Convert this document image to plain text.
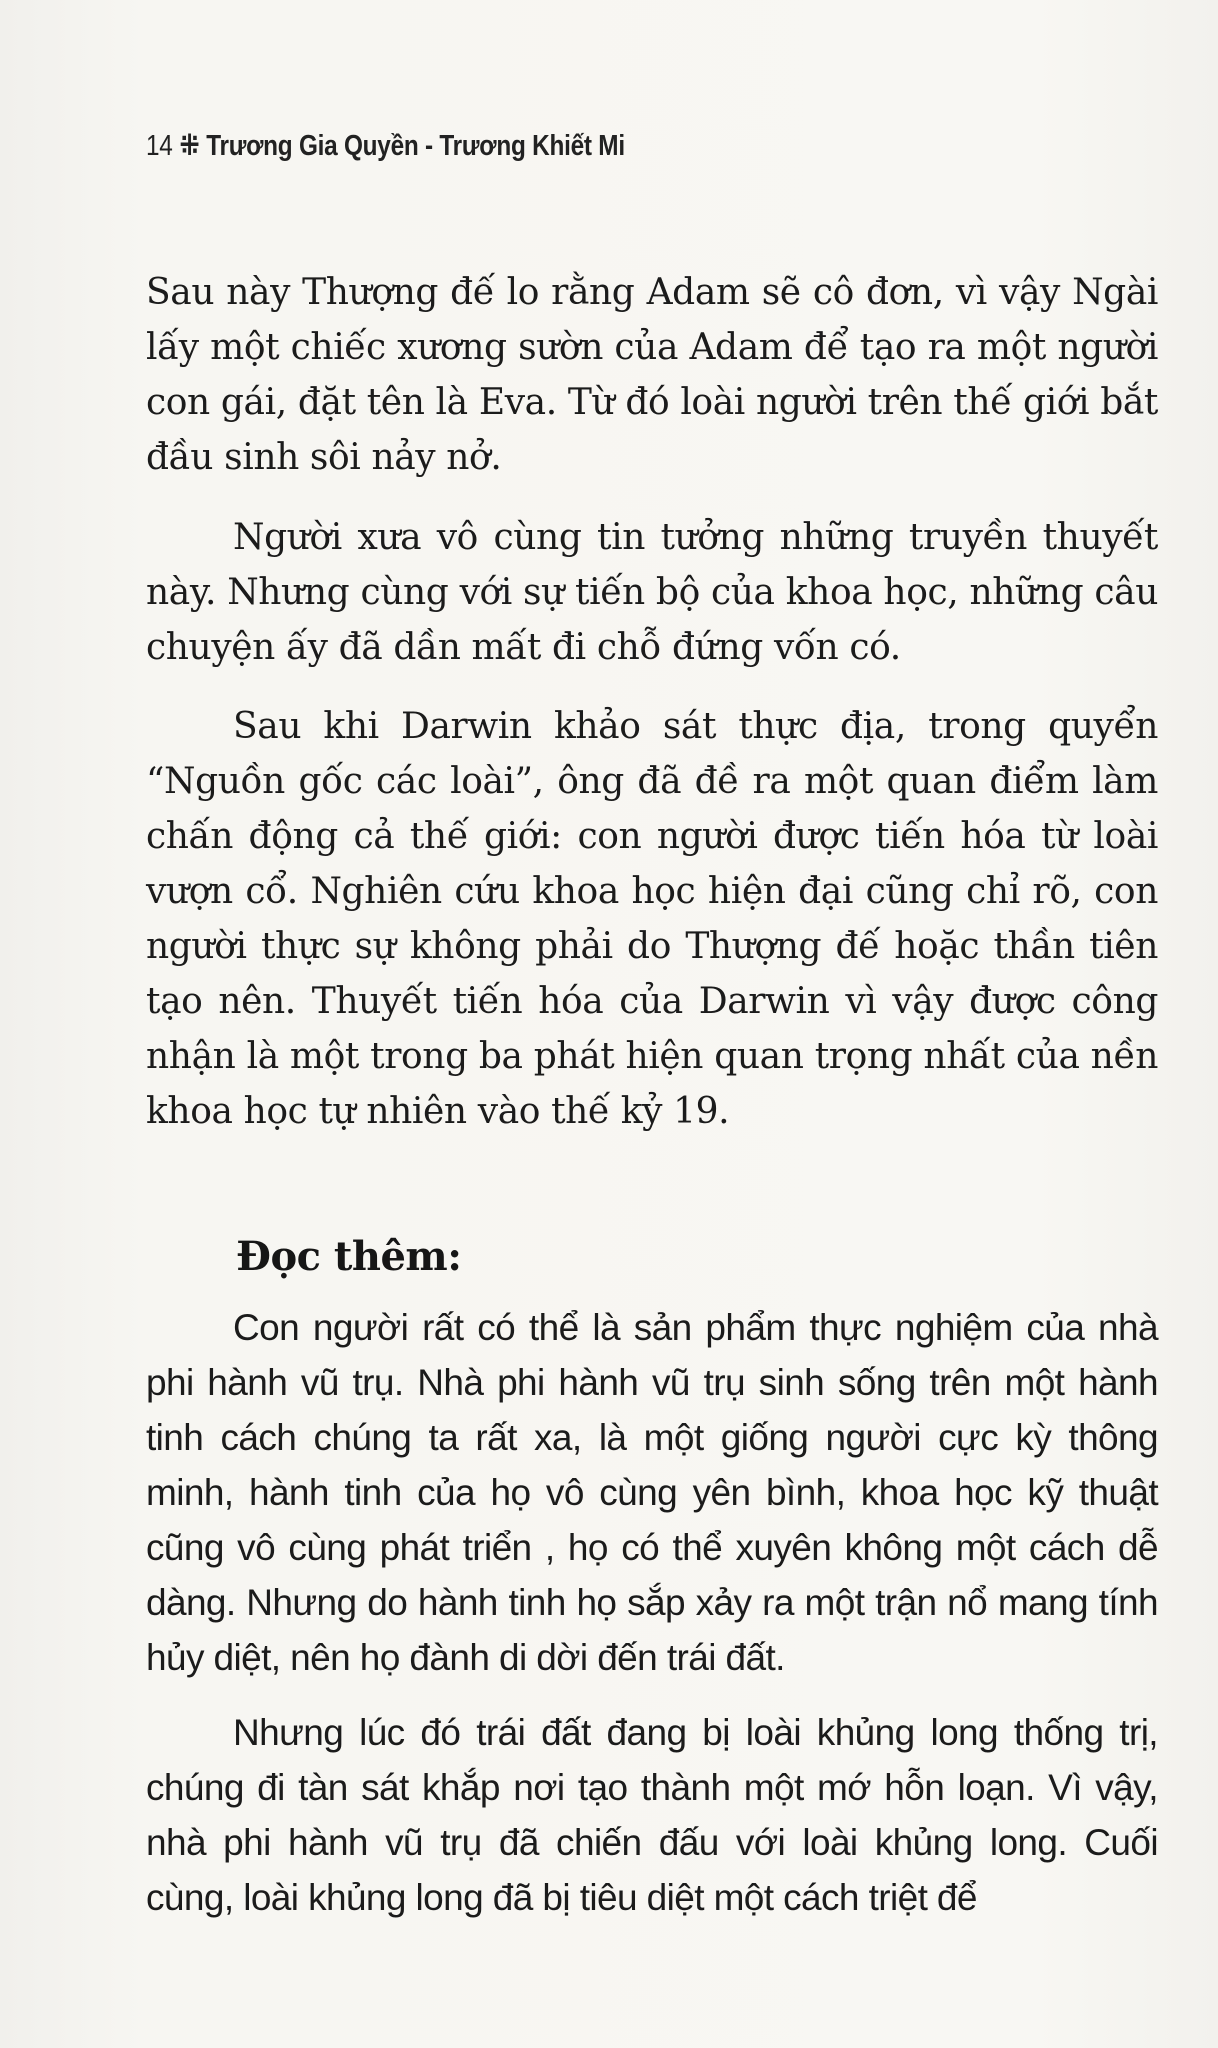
14 ⁜ Trương Gia Quyền - Trương Khiết Mi

Sau này Thượng đế lo rằng Adam sẽ cô đơn, vì vậy Ngài lấy một chiếc xương sườn của Adam để tạo ra một người con gái, đặt tên là Eva. Từ đó loài người trên thế giới bắt đầu sinh sôi nảy nở.

Người xưa vô cùng tin tưởng những truyền thuyết này. Nhưng cùng với sự tiến bộ của khoa học, những câu chuyện ấy đã dần mất đi chỗ đứng vốn có.

Sau khi Darwin khảo sát thực địa, trong quyển “Nguồn gốc các loài”, ông đã đề ra một quan điểm làm chấn động cả thế giới: con người được tiến hóa từ loài vượn cổ. Nghiên cứu khoa học hiện đại cũng chỉ rõ, con người thực sự không phải do Thượng đế hoặc thần tiên tạo nên. Thuyết tiến hóa của Darwin vì vậy được công nhận là một trong ba phát hiện quan trọng nhất của nền khoa học tự nhiên vào thế kỷ 19.

Đọc thêm:

Con người rất có thể là sản phẩm thực nghiệm của nhà phi hành vũ trụ. Nhà phi hành vũ trụ sinh sống trên một hành tinh cách chúng ta rất xa, là một giống người cực kỳ thông minh, hành tinh của họ vô cùng yên bình, khoa học kỹ thuật cũng vô cùng phát triển , họ có thể xuyên không một cách dễ dàng. Nhưng do hành tinh họ sắp xảy ra một trận nổ mang tính hủy diệt, nên họ đành di dời đến trái đất.

Nhưng lúc đó trái đất đang bị loài khủng long thống trị, chúng đi tàn sát khắp nơi tạo thành một mớ hỗn loạn. Vì vậy, nhà phi hành vũ trụ đã chiến đấu với loài khủng long. Cuối cùng, loài khủng long đã bị tiêu diệt một cách triệt để
